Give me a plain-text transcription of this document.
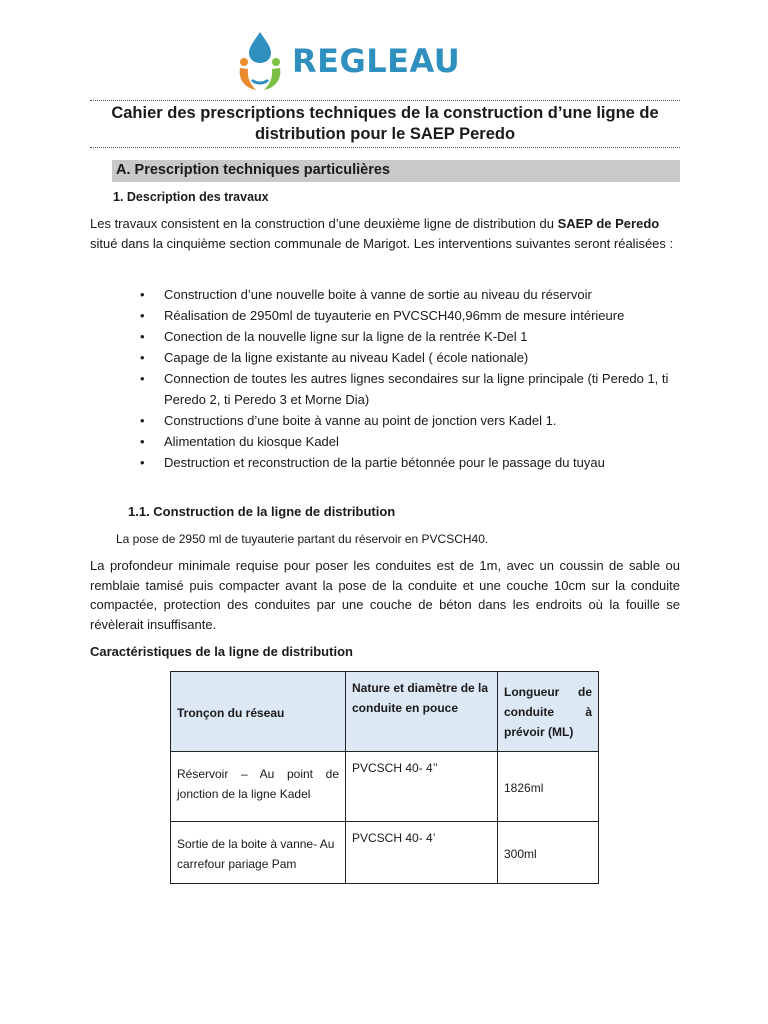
REGLEAU
Cahier des prescriptions techniques de la construction d’une ligne de distribution pour le SAEP Peredo
A. Prescription techniques particulières
1. Description des travaux
Les travaux consistent en la construction d’une deuxième ligne de distribution du SAEP de Peredo situé dans la cinquième section communale de Marigot. Les interventions suivantes seront réalisées :
• Construction d’une nouvelle boite à vanne de sortie au niveau du réservoir
• Réalisation de 2950ml de tuyauterie en PVCSCH40,96mm de mesure intérieure
• Conection de la nouvelle ligne sur la ligne de la rentrée K-Del 1
• Capage de la ligne existante au niveau Kadel ( école nationale)
• Connection de toutes les autres lignes secondaires sur la ligne principale (ti Peredo 1, ti Peredo 2, ti Peredo 3 et Morne Dia)
• Constructions d’une boite à vanne au point de jonction vers Kadel 1.
• Alimentation du kiosque Kadel
• Destruction et reconstruction de la partie bétonnée pour le passage du tuyau
1.1. Construction de la ligne de distribution
La pose de 2950 ml de tuyauterie partant du réservoir en PVCSCH40.
La profondeur minimale requise pour poser les conduites est de 1m, avec un coussin de sable ou remblaie tamisé puis compacter avant la pose de la conduite et une couche 10cm sur la conduite compactée, protection des conduites par une couche de béton dans les endroits où la fouille se révèlerait insuffisante.
Caractéristiques de la ligne de distribution
Tronçon du réseau	Nature et diamètre de la conduite en pouce	Longueur de conduite à prévoir (ML)

Réservoir – Au point de jonction de la ligne Kadel	PVCSCH 40- 4’’	1826ml

Sortie de la boite à vanne- Au carrefour pariage Pam	PVCSCH 40- 4’	300ml
